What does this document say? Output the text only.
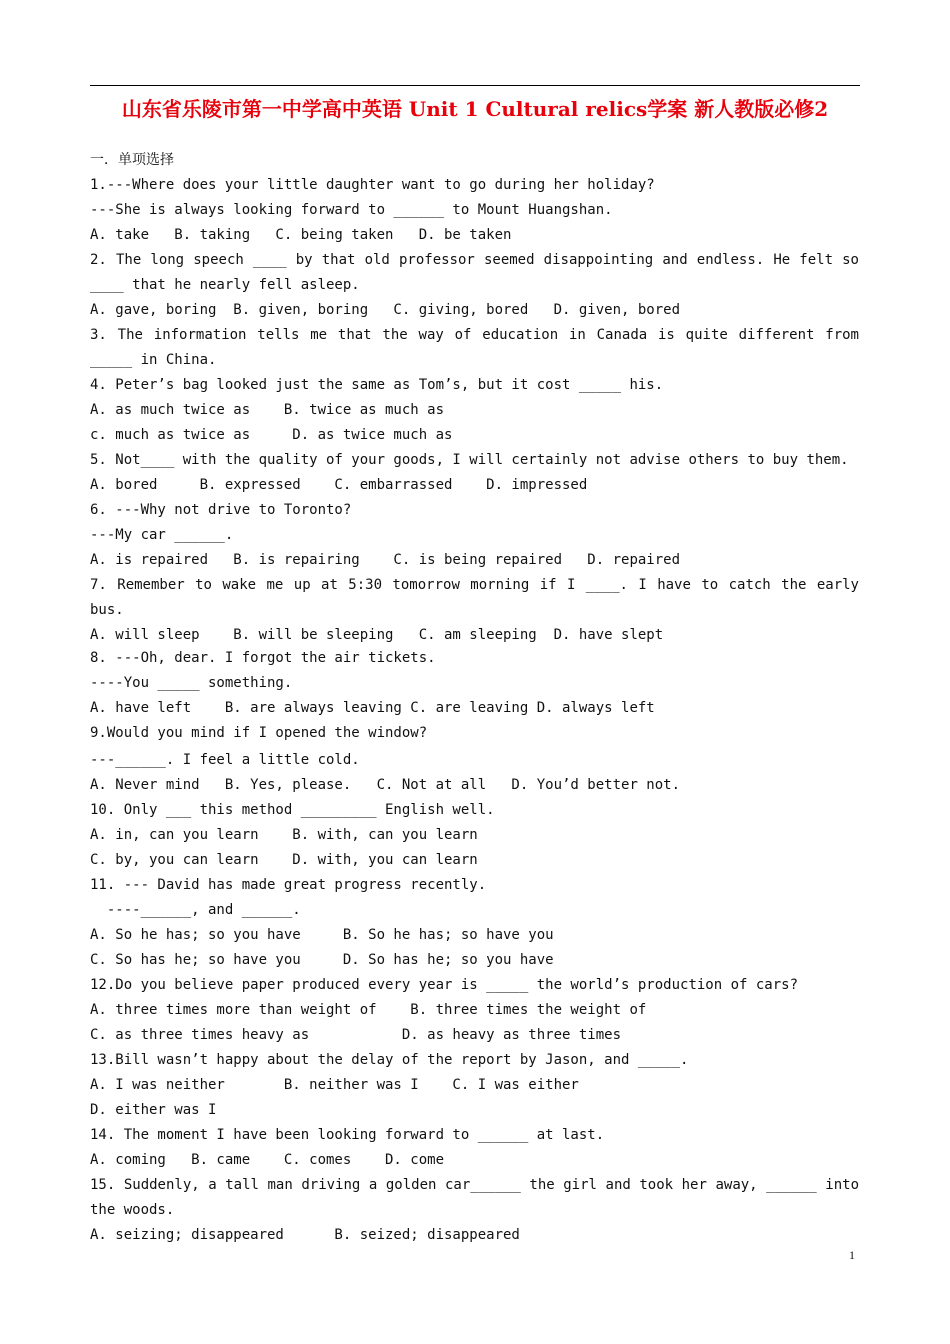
山东省乐陵市第一中学高中英语 Unit 1 Cultural relics学案 新人教版必修2
一．单项选择
1.---Where does your little daughter want to go during her holiday?
---She is always looking forward to ______ to Mount Huangshan.
A. take   B. taking   C. being taken   D. be taken
2. The long speech ____ by that old professor seemed disappointing and endless. He felt so
____ that he nearly fell asleep.
A. gave, boring  B. given, boring   C. giving, bored   D. given, bored
3. The information tells me that the way of education in Canada is quite different from
_____ in China.
4. Peter’s bag looked just the same as Tom’s, but it cost _____ his.
A. as much twice as    B. twice as much as
c. much as twice as     D. as twice much as
5. Not____ with the quality of your goods, I will certainly not advise others to buy them.
A. bored     B. expressed    C. embarrassed    D. impressed
6. ---Why not drive to Toronto?
---My car ______.
A. is repaired   B. is repairing    C. is being repaired   D. repaired
7. Remember to wake me up at 5:30 tomorrow morning if I ____. I have to catch the early
bus.
A. will sleep    B. will be sleeping   C. am sleeping  D. have slept
8. ---Oh, dear. I forgot the air tickets.
----You _____ something.
A. have left    B. are always leaving C. are leaving D. always left
9.Would you mind if I opened the window?
---______. I feel a little cold.
A. Never mind   B. Yes, please.   C. Not at all   D. You’d better not.
10. Only ___ this method _________ English well.
A. in, can you learn    B. with, can you learn
C. by, you can learn    D. with, you can learn
11. --- David has made great progress recently.
----______, and ______.
A. So he has; so you have     B. So he has; so have you
C. So has he; so have you     D. So has he; so you have
12.Do you believe paper produced every year is _____ the world’s production of cars?
A. three times more than weight of    B. three times the weight of
C. as three times heavy as           D. as heavy as three times
13.Bill wasn’t happy about the delay of the report by Jason, and _____.
A. I was neither       B. neither was I    C. I was either
D. either was I
14. The moment I have been looking forward to ______ at last.
A. coming   B. came    C. comes    D. come
15. Suddenly, a tall man driving a golden car______ the girl and took her away, ______ into
the woods.
A. seizing; disappeared      B. seized; disappeared
1
